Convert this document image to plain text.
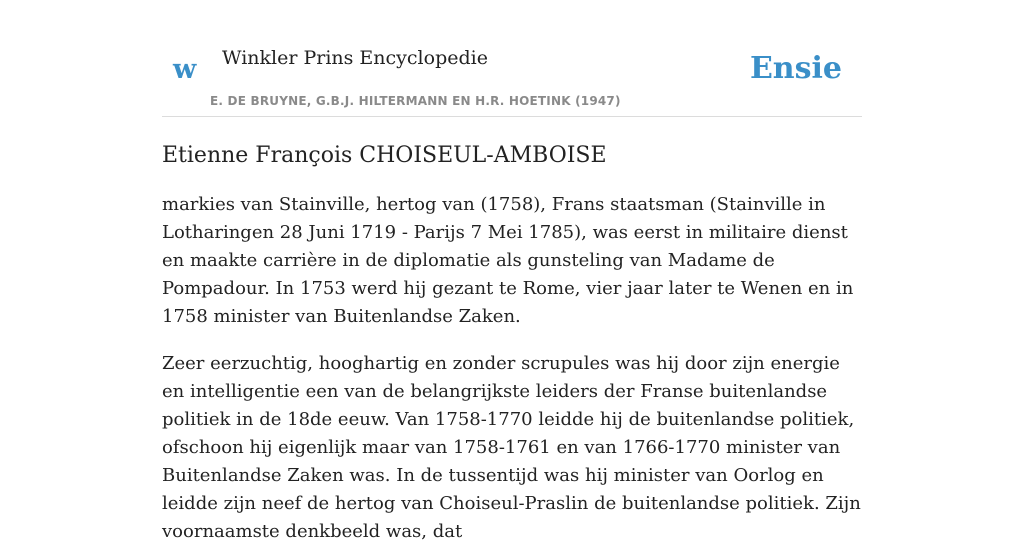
w Winkler Prins Encyclopedie
E. DE BRUYNE, G.B.J. HILTERMANN EN H.R. HOETINK (1947)
Ensie
Etienne François CHOISEUL-AMBOISE

markies van Stainville, hertog van (1758), Frans staatsman (Stainville in Lotharingen 28 Juni 1719 - Parijs 7 Mei 1785), was eerst in militaire dienst en maakte carrière in de diplomatie als gunsteling van Madame de Pompadour. In 1753 werd hij gezant te Rome, vier jaar later te Wenen en in 1758 minister van Buitenlandse Zaken.

Zeer eerzuchtig, hooghartig en zonder scrupules was hij door zijn energie en intelligentie een van de belangrijkste leiders der Franse buitenlandse politiek in de 18de eeuw. Van 1758-1770 leidde hij de buitenlandse politiek, ofschoon hij eigenlijk maar van 1758-1761 en van 1766-1770 minister van Buitenlandse Zaken was. In de tussentijd was hij minister van Oorlog en leidde zijn neef de hertog van Choiseul-Praslin de buitenlandse politiek. Zijn voornaamste denkbeeld was, dat
